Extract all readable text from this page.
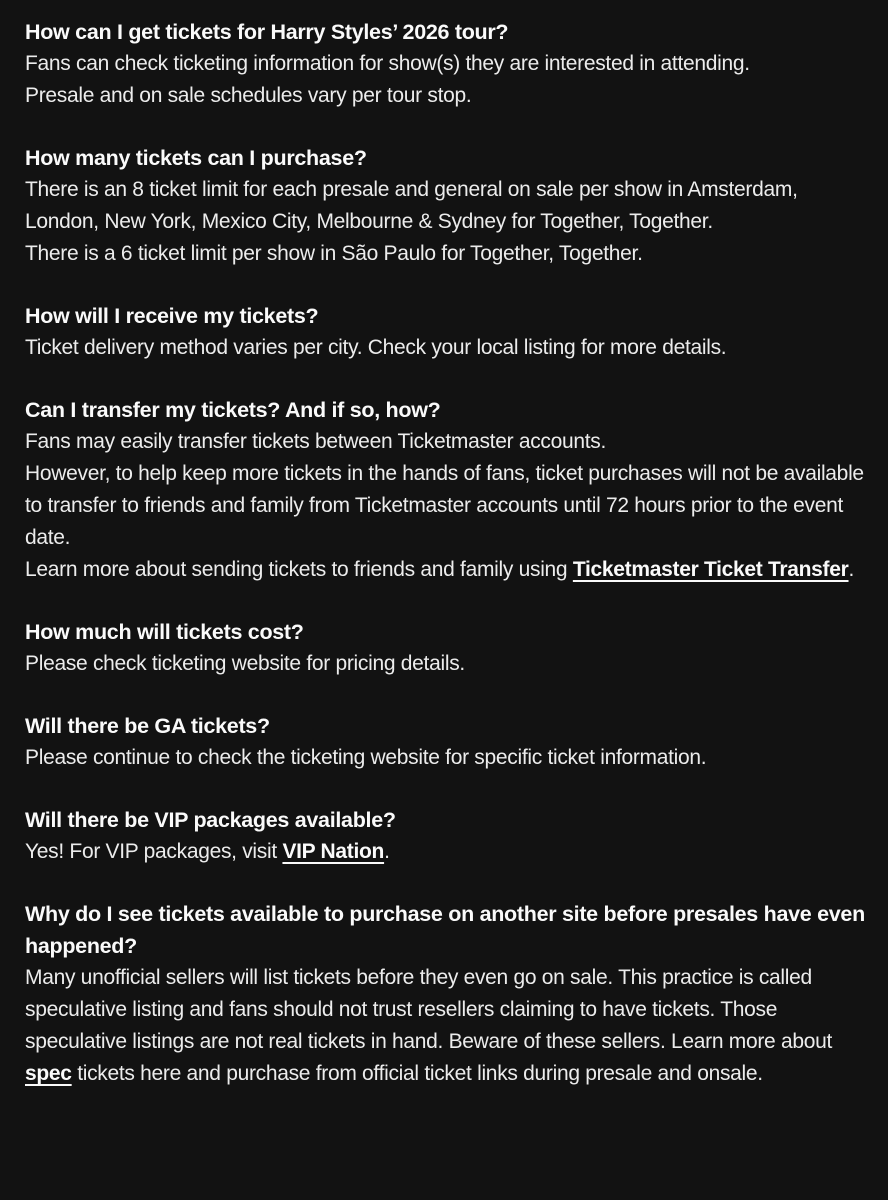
How can I get tickets for Harry Styles’ 2026 tour?

Fans can check ticketing information for show(s) they are interested in attending.

Presale and on sale schedules vary per tour stop.

How many tickets can I purchase?

There is an 8 ticket limit for each presale and general on sale per show in Amsterdam, London, New York, Mexico City, Melbourne & Sydney for Together, Together.

There is a 6 ticket limit per show in São Paulo for Together, Together.

How will I receive my tickets?

Ticket delivery method varies per city. Check your local listing for more details.

Can I transfer my tickets? And if so, how?

Fans may easily transfer tickets between Ticketmaster accounts.

However, to help keep more tickets in the hands of fans, ticket purchases will not be available to transfer to friends and family from Ticketmaster accounts until 72 hours prior to the event date.

Learn more about sending tickets to friends and family using Ticketmaster Ticket Transfer.

How much will tickets cost?

Please check ticketing website for pricing details.

Will there be GA tickets?

Please continue to check the ticketing website for specific ticket information.

Will there be VIP packages available?

Yes! For VIP packages, visit VIP Nation.

Why do I see tickets available to purchase on another site before presales have even happened?

Many unofficial sellers will list tickets before they even go on sale. This practice is called speculative listing and fans should not trust resellers claiming to have tickets. Those speculative listings are not real tickets in hand. Beware of these sellers. Learn more about spec tickets here and purchase from official ticket links during presale and onsale.
